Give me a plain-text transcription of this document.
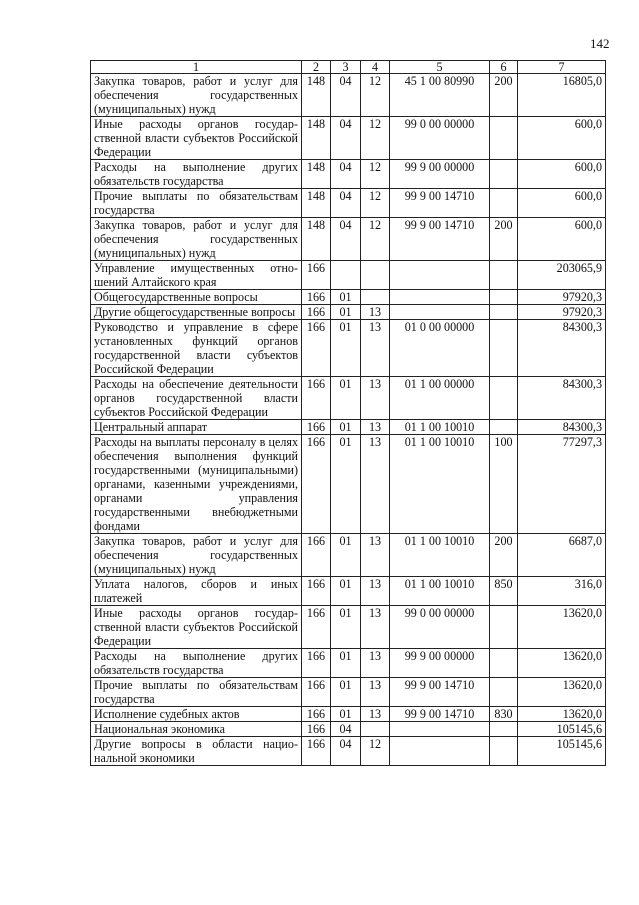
142
1	2	3	4	5	6	7
Закупка товаров, работ и услуг для обеспечения государственных (муниципальных) нужд	148	04	12	45 1 00 80990	200	16805,0
Иные расходы органов государственной власти субъектов Российской Федерации	148	04	12	99 0 00 00000		600,0
Расходы на выполнение других обязательств государства	148	04	12	99 9 00 00000		600,0
Прочие выплаты по обязательствам государства	148	04	12	99 9 00 14710		600,0
Закупка товаров, работ и услуг для обеспечения государственных (муниципальных) нужд	148	04	12	99 9 00 14710	200	600,0
Управление имущественных отношений Алтайского края	166					203065,9
Общегосударственные вопросы	166	01				97920,3
Другие общегосударственные вопросы	166	01	13			97920,3
Руководство и управление в сфере установленных функций органов государственной власти субъектов Российской Федерации	166	01	13	01 0 00 00000		84300,3
Расходы на обеспечение деятельности органов государственной власти субъектов Российской Федерации	166	01	13	01 1 00 00000		84300,3
Центральный аппарат	166	01	13	01 1 00 10010		84300,3
Расходы на выплаты персоналу в целях обеспечения выполнения функций государственными (муниципальными) органами, казенными учреждениями, органами управления государственными внебюджетными фондами	166	01	13	01 1 00 10010	100	77297,3
Закупка товаров, работ и услуг для обеспечения государственных (муниципальных) нужд	166	01	13	01 1 00 10010	200	6687,0
Уплата налогов, сборов и иных платежей	166	01	13	01 1 00 10010	850	316,0
Иные расходы органов государственной власти субъектов Российской Федерации	166	01	13	99 0 00 00000		13620,0
Расходы на выполнение других обязательств государства	166	01	13	99 9 00 00000		13620,0
Прочие выплаты по обязательствам государства	166	01	13	99 9 00 14710		13620,0
Исполнение судебных актов	166	01	13	99 9 00 14710	830	13620,0
Национальная экономика	166	04				105145,6
Другие вопросы в области национальной экономики	166	04	12			105145,6
